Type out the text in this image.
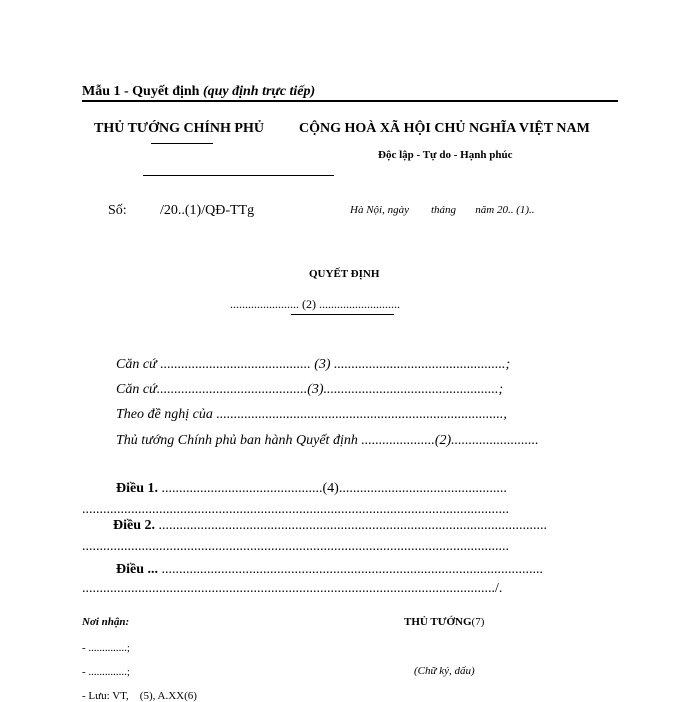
Mẫu 1 - Quyết định (quy định trực tiếp)
THỦ TƯỚNG CHÍNH PHỦ	CỘNG HOÀ XÃ HỘI CHỦ NGHĨA VIỆT NAM
Độc lập - Tự do - Hạnh phúc
Số: /20..(1)/QĐ-TTg	Hà Nội, ngày        tháng       năm 20.. (1)..
QUYẾT ĐỊNH
....................... (2) ...........................
Căn cứ ........................................... (3) .................................................;
Căn cứ...........................................(3)..................................................;
Theo đề nghị của ..................................................................................,
Thủ tướng Chính phủ ban hành Quyết định .....................(2).........................
Điều 1. ..............................................(4)................................................
..........................................................................................................................
Điều 2. ...............................................................................................................
..........................................................................................................................
Điều ... .............................................................................................................
....................................................................................................................../.
Nơi nhận:
- ..............;
- ..............;
- Lưu: VT,    (5), A.XX(6)
THỦ TƯỚNG(7)
(Chữ ký, dấu)
